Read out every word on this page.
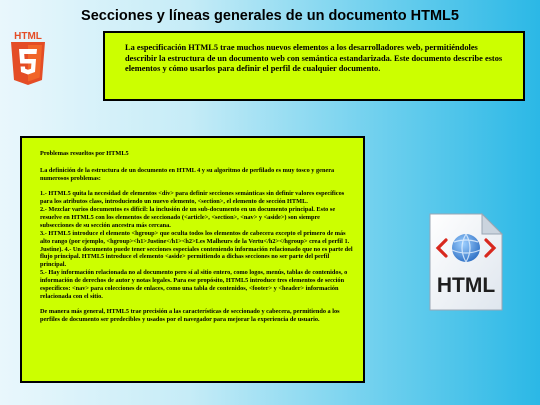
Secciones y líneas generales de un documento HTML5
HTML
La especificación HTML5 trae muchos nuevos elementos a los desarrolladores web, permitiéndoles describir la estructura de un documento web con semántica estandarizada. Este documento describe estos elementos y cómo usarlos para definir el perfil de cualquier documento.

Problemas resueltos por HTML5

La definición de la estructura de un documento en HTML 4 y su algoritmo de perfilado es muy tosco y genera numerosos problemas:

1.- HTML5 quita la necesidad de elementos <div> para definir secciones semánticas sin definir valores específicos para los atributos class, introduciendo un nuevo elemento, <section>, el elemento de sección HTML.
2.- Mezclar varios documentos es difícil: la inclusión de un sub-documento en un documento principal. Esto se resuelve en HTML5 con los elementos de seccionado (<article>, <section>, <nav> y <aside>) son siempre subsecciones de su sección ancestra más cercana.
3.- HTML5 introduce el elemento <hgroup> que oculta todos los elementos de cabecera excepto el primero de más alto rango (por ejemplo, <hgroup><h1>Justine</h1><h2>Les Malheurs de la Vertu</h2></hgroup> crea el perfil 1. Justine). 4.- Un documento puede tener secciones especiales conteniendo información relacionado que no es parte del flujo principal. HTML5 introduce el elemento <aside> permitiendo a dichas secciones no ser parte del perfil principal.
5.- Hay información relacionada no al documento pero sí al sitio entero, como logos, menús, tablas de contenidos, o información de derechos de autor y notas legales. Para ese propósito, HTML5 introduce tres elementos de sección específicos: <nav> para colecciones de enlaces, como una tabla de contenidos, <footer> y <header> información relacionada con el sitio.

De manera más general, HTML5 trae precisión a las características de seccionado y cabecera, permitiendo a los perfiles de documento ser predecibles y usados por el navegador para mejorar la experiencia de usuario.

HTML
